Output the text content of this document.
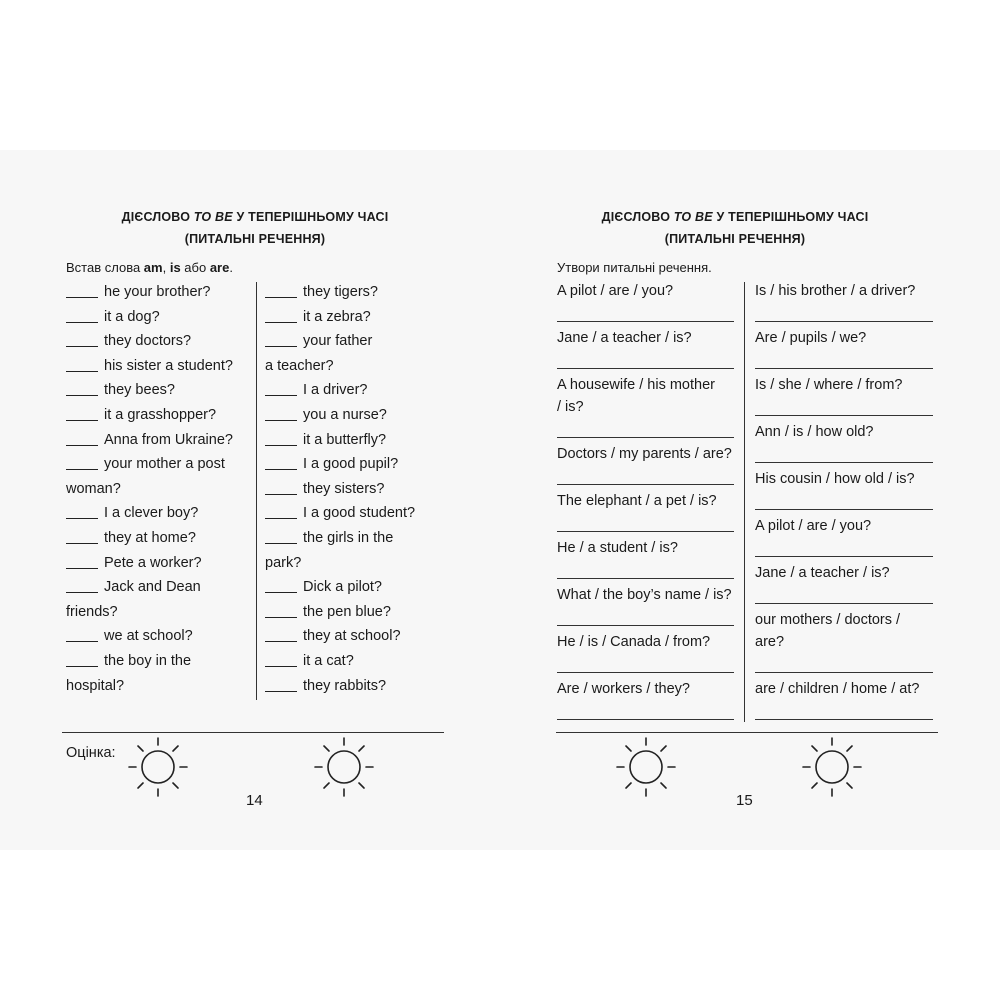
ДІЄСЛОВО TO BE У ТЕПЕРІШНЬОМУ ЧАСІ
(ПИТАЛЬНІ РЕЧЕННЯ)
Встав слова am, is або are.
Оцінка:
14
he your brother?
it a dog?
they doctors?
his sister a student?
they bees?
it a grasshopper?
Anna from Ukraine?
your mother a post
woman?
I a clever boy?
they at home?
Pete a worker?
Jack and Dean
friends?
we at school?
the boy in the
hospital?
they tigers?
it a zebra?
your father
a teacher?
I a driver?
you a nurse?
it a butterfly?
I a good pupil?
they sisters?
I a good student?
the girls in the
park?
Dick a pilot?
the pen blue?
they at school?
it a cat?
they rabbits?
ДІЄСЛОВО TO BE У ТЕПЕРІШНЬОМУ ЧАСІ
(ПИТАЛЬНІ РЕЧЕННЯ)
Утвори питальні речення.
15
A pilot / are / you?
Jane / a teacher / is?
A housewife / his mother
/ is?
Doctors / my parents / are?
The elephant / a pet / is?
He / a student / is?
What / the boy’s name / is?
He / is / Canada / from?
Are / workers / they?
Is / his brother / a driver?
Are / pupils / we?
Is / she / where / from?
Ann / is / how old?
His cousin / how old / is?
A pilot / are / you?
Jane / a teacher / is?
our mothers / doctors /
are?
are / children / home / at?
